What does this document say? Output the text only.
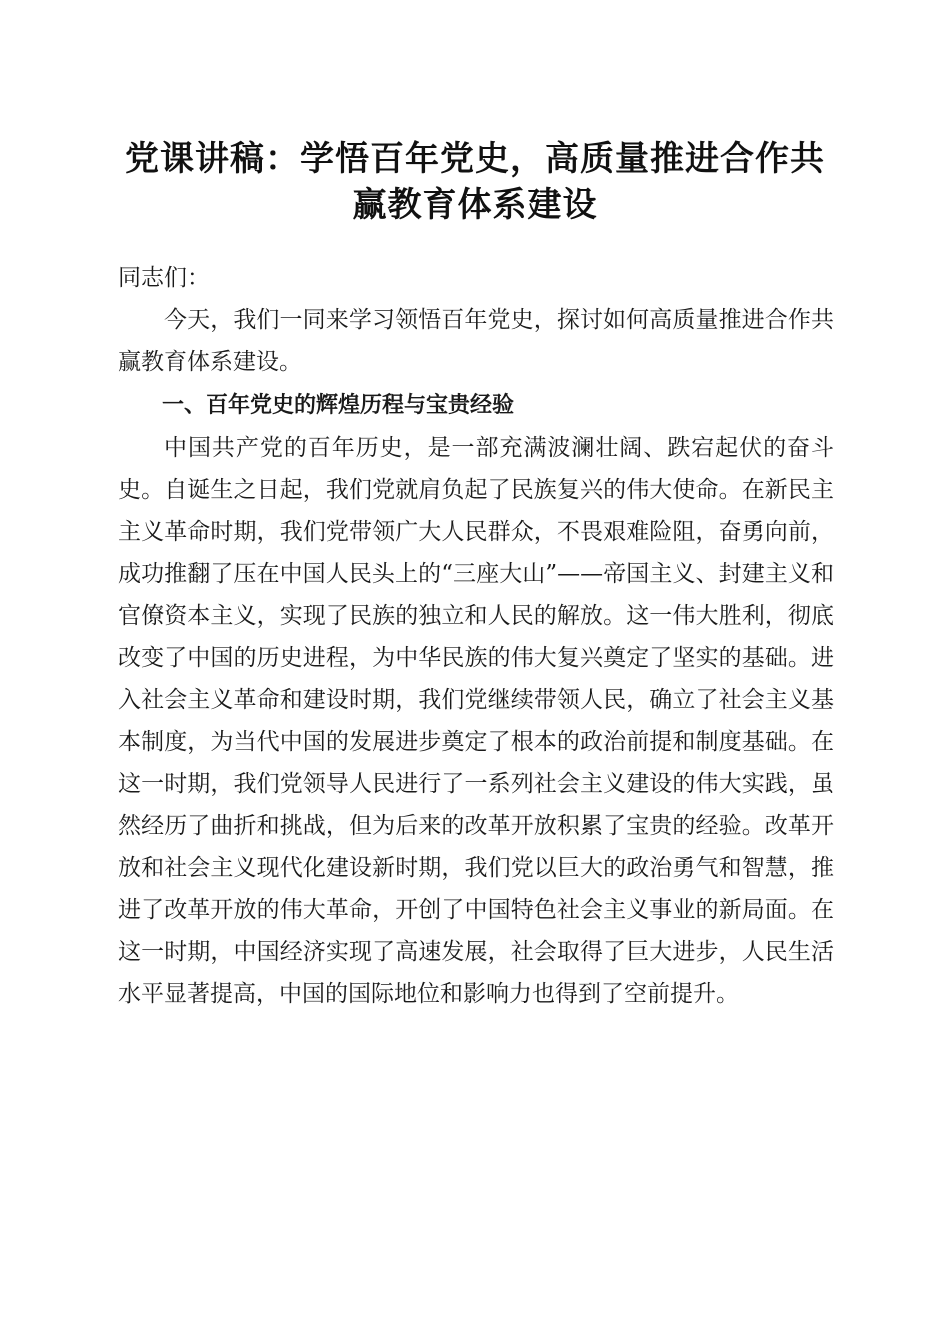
党课讲稿：学悟百年党史，高质量推进合作共
赢教育体系建设

同志们：

今天，我们一同来学习领悟百年党史，探讨如何高质量推进合作共赢教育体系建设。

一、百年党史的辉煌历程与宝贵经验

中国共产党的百年历史，是一部充满波澜壮阔、跌宕起伏的奋斗史。自诞生之日起，我们党就肩负起了民族复兴的伟大使命。在新民主主义革命时期，我们党带领广大人民群众，不畏艰难险阻，奋勇向前，成功推翻了压在中国人民头上的“三座大山”——帝国主义、封建主义和官僚资本主义，实现了民族的独立和人民的解放。这一伟大胜利，彻底改变了中国的历史进程，为中华民族的伟大复兴奠定了坚实的基础。进入社会主义革命和建设时期，我们党继续带领人民，确立了社会主义基本制度，为当代中国的发展进步奠定了根本的政治前提和制度基础。在这一时期，我们党领导人民进行了一系列社会主义建设的伟大实践，虽然经历了曲折和挑战，但为后来的改革开放积累了宝贵的经验。改革开放和社会主义现代化建设新时期，我们党以巨大的政治勇气和智慧，推进了改革开放的伟大革命，开创了中国特色社会主义事业的新局面。在这一时期，中国经济实现了高速发展，社会取得了巨大进步，人民生活水平显著提高，中国的国际地位和影响力也得到了空前提升。
